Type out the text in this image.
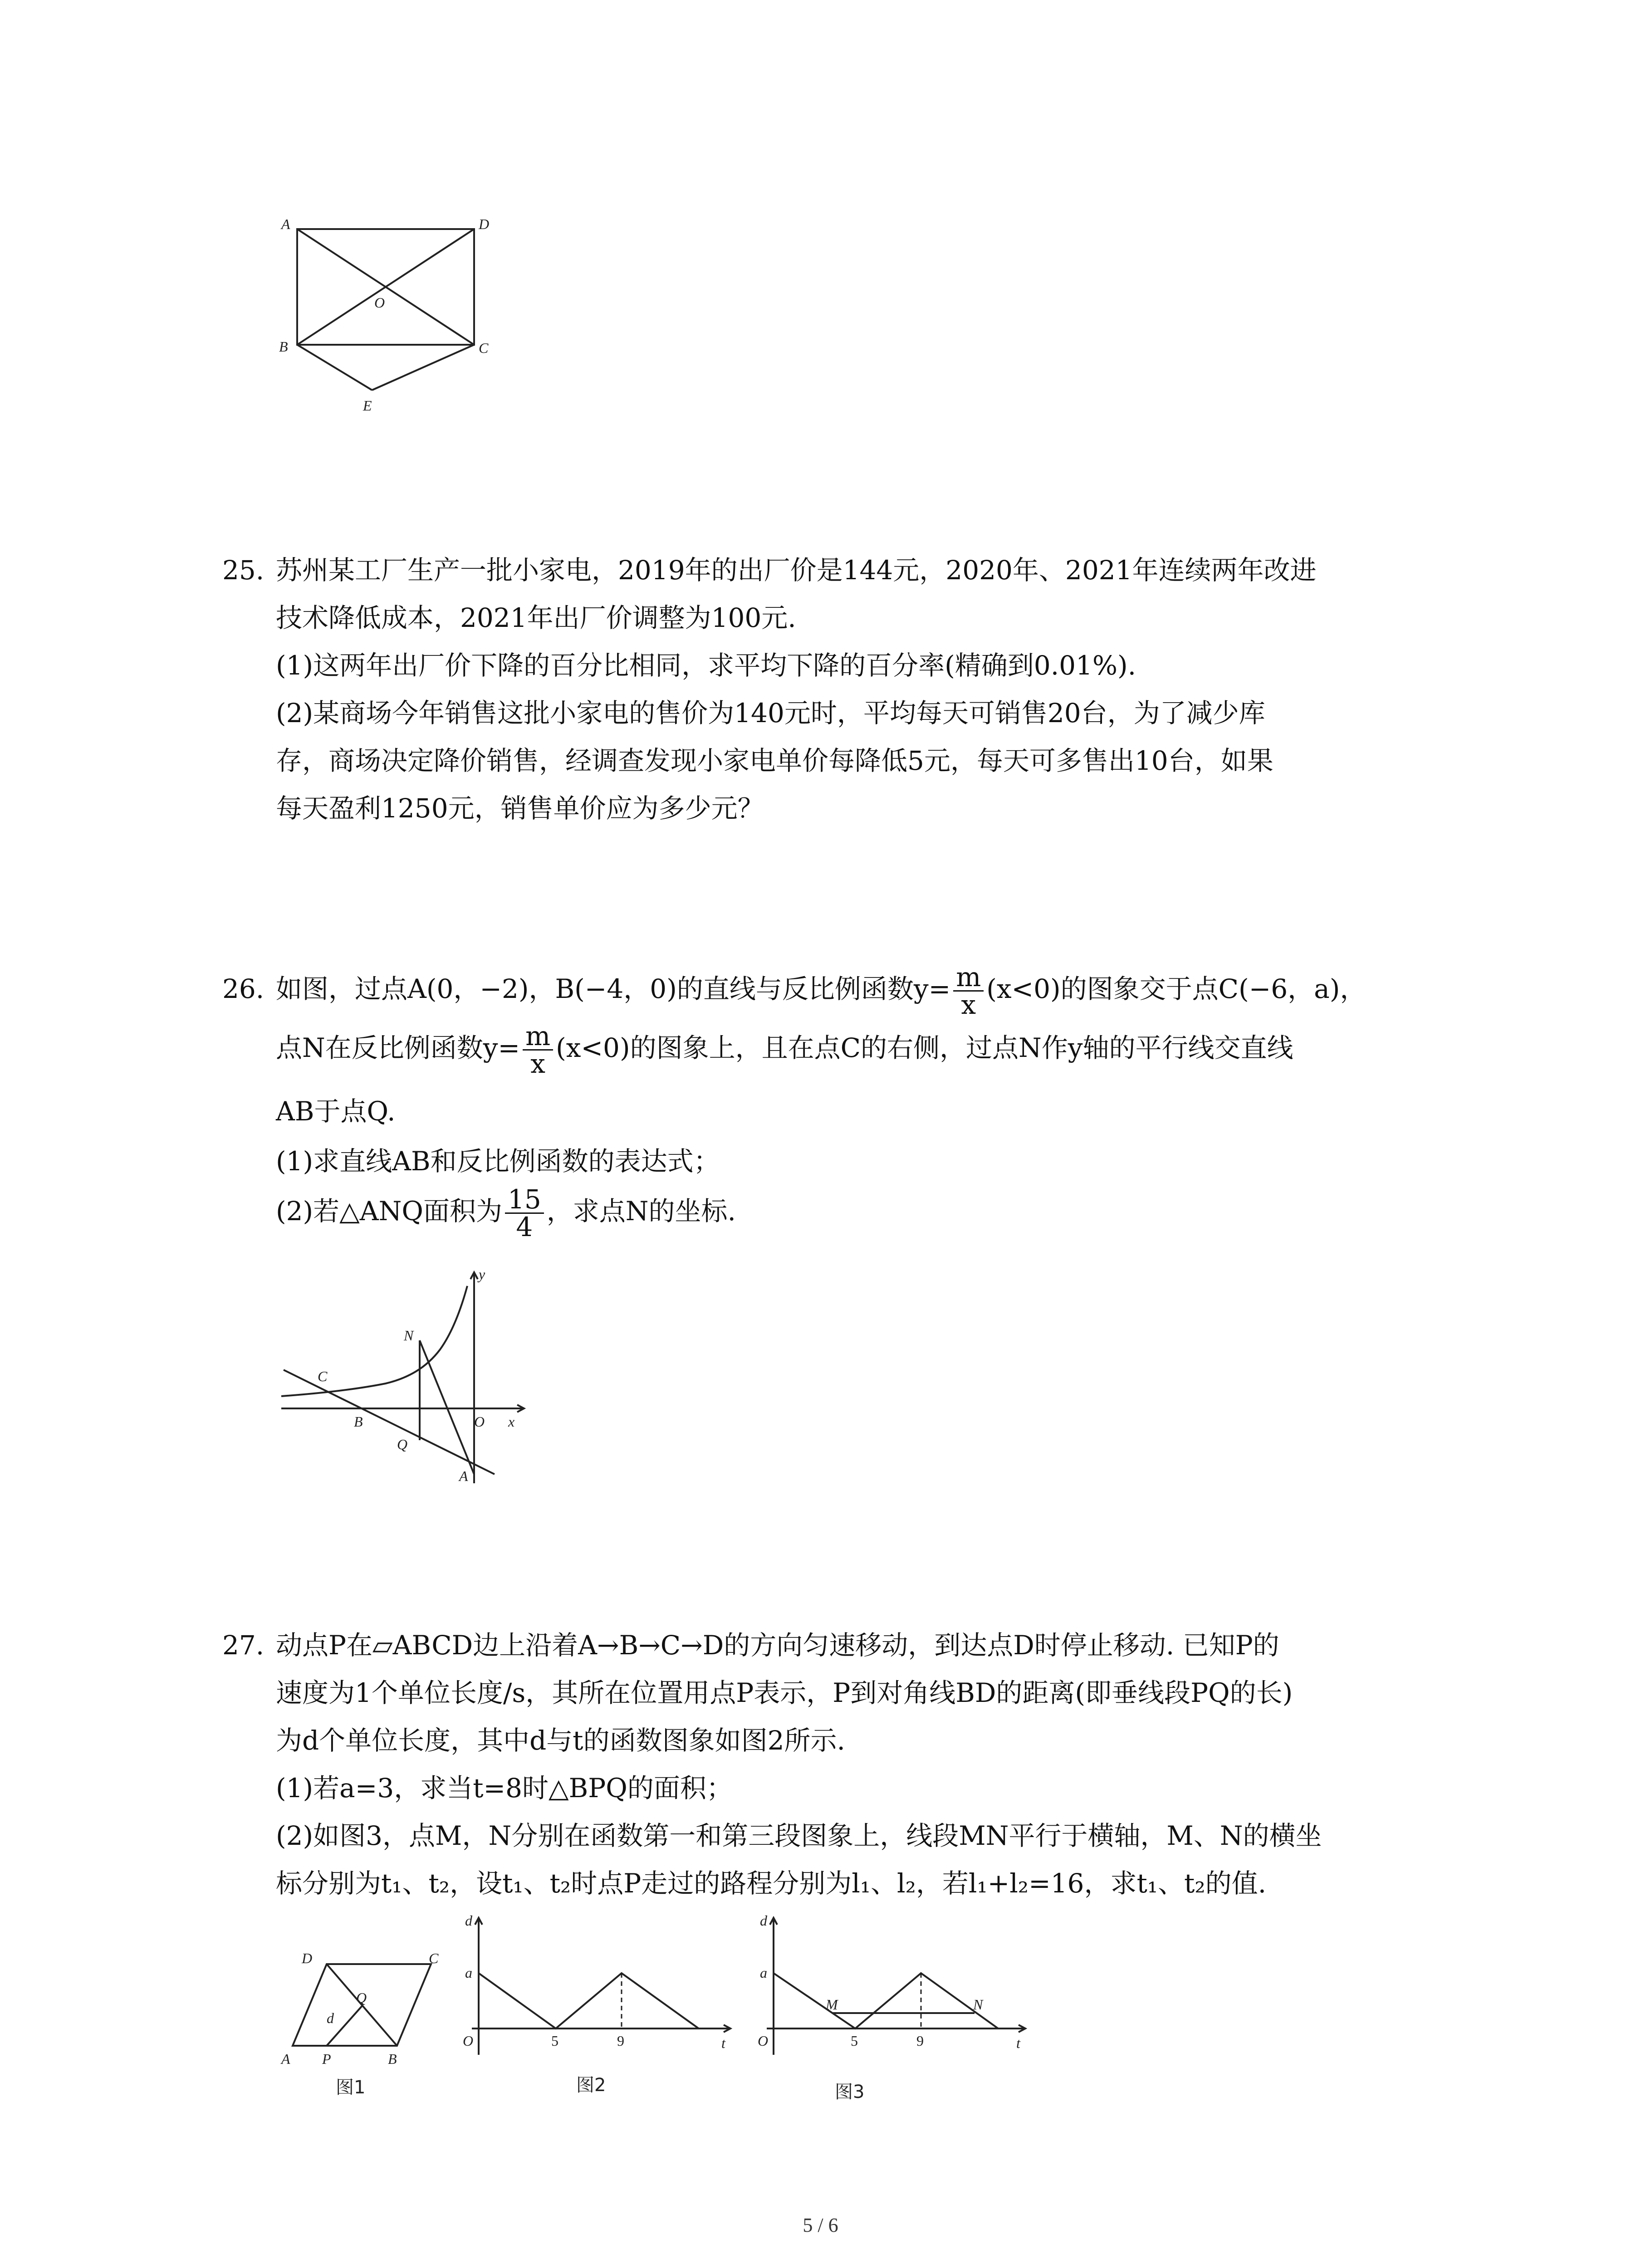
A	D
O
B	C
E
25. 苏州某工厂生产一批小家电，2019年的出厂价是144元，2020年、2021年连续两年改进
技术降低成本，2021年出厂价调整为100元.
(1)这两年出厂价下降的百分比相同，求平均下降的百分率(精确到0.01%).
(2)某商场今年销售这批小家电的售价为140元时，平均每天可销售20台，为了减少库
存，商场决定降价销售，经调查发现小家电单价每降低5元，每天可多售出10台，如果
每天盈利1250元，销售单价应为多少元？
26. 如图，过点A(0，−2)，B(−4，0)的直线与反比例函数$y= \frac{m}{x} (x<0)$的图象交于点C(−6，a)，
点N在反比例函数$y= \frac{m}{x} (x<0)$的图象上，且在点C的右侧，过点N作y轴的平行线交直线
AB于点Q.
(1)求直线AB和反比例函数的表达式；
(2)若△ANQ面积为 $\frac{15}{4}$ ，求点N的坐标.
y
x
N
C
B
Q
O
A
27. 动点P在▱ABCD边上沿着A→B→C→D的方向匀速移动，到达点D时停止移动. 已知P的
速度为1个单位长度/s，其所在位置用点P表示，P到对角线BD的距离(即垂线段PQ的长)
为d个单位长度，其中d与t的函数图象如图2所示.
(1)若a=3，求当t=8时△BPQ的面积；
(2)如图3，点M，N分别在函数第一和第三段图象上，线段MN平行于横轴，M、N的横坐
标分别为t₁、t₂，设t₁、t₂时点P走过的路程分别为l₁、l₂，若l₁+l₂=16，求t₁、t₂的值.
D	C
Q
d
A P	B
图1
d
a
O	5	9	t
图2
d
a
O
M	N
5	9	t
图3
5 / 6
